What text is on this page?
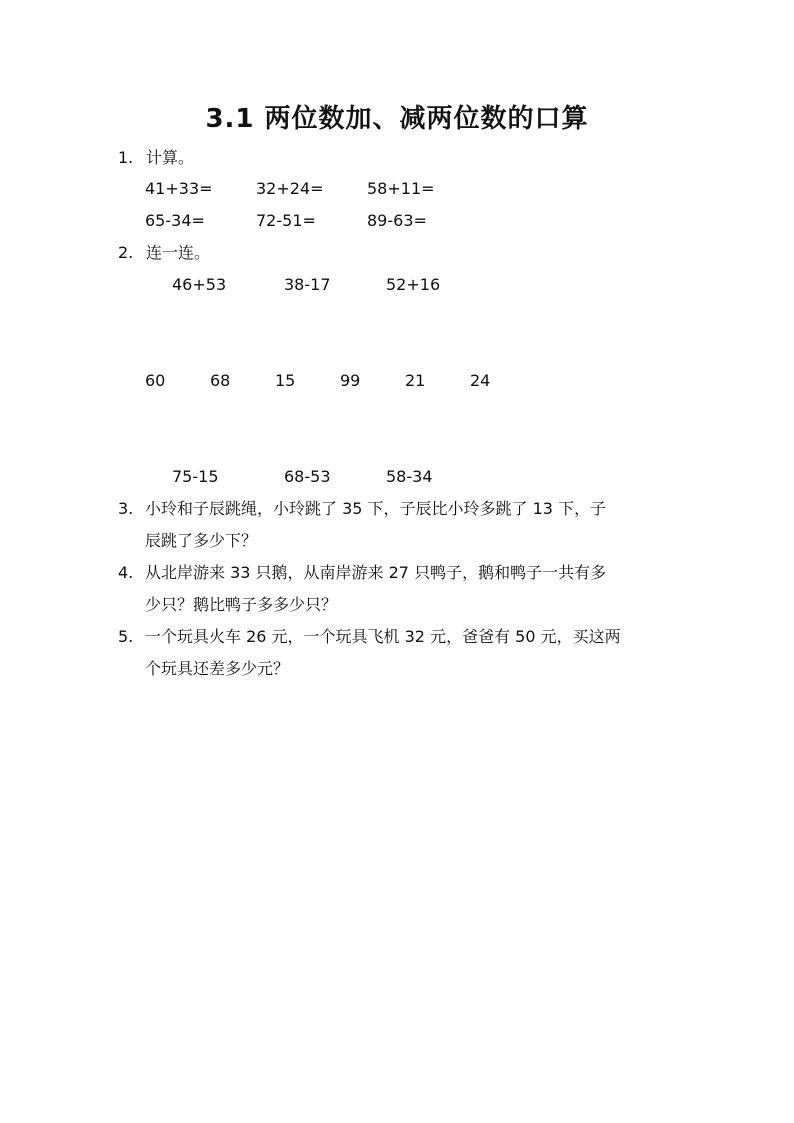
3.1 两位数加、减两位数的口算
1. 计算。
41+33=	32+24=	58+11=
65-34=	72-51=	89-63=
2. 连一连。
46+53	38-17	52+16
60	68	15	99	21	24
75-15	68-53	58-34
3. 小玲和子辰跳绳，小玲跳了 35 下，子辰比小玲多跳了 13 下，子
辰跳了多少下？
4. 从北岸游来 33 只鹅，从南岸游来 27 只鸭子，鹅和鸭子一共有多
少只？鹅比鸭子多多少只？
5. 一个玩具火车 26 元，一个玩具飞机 32 元，爸爸有 50 元，买这两
个玩具还差多少元？
